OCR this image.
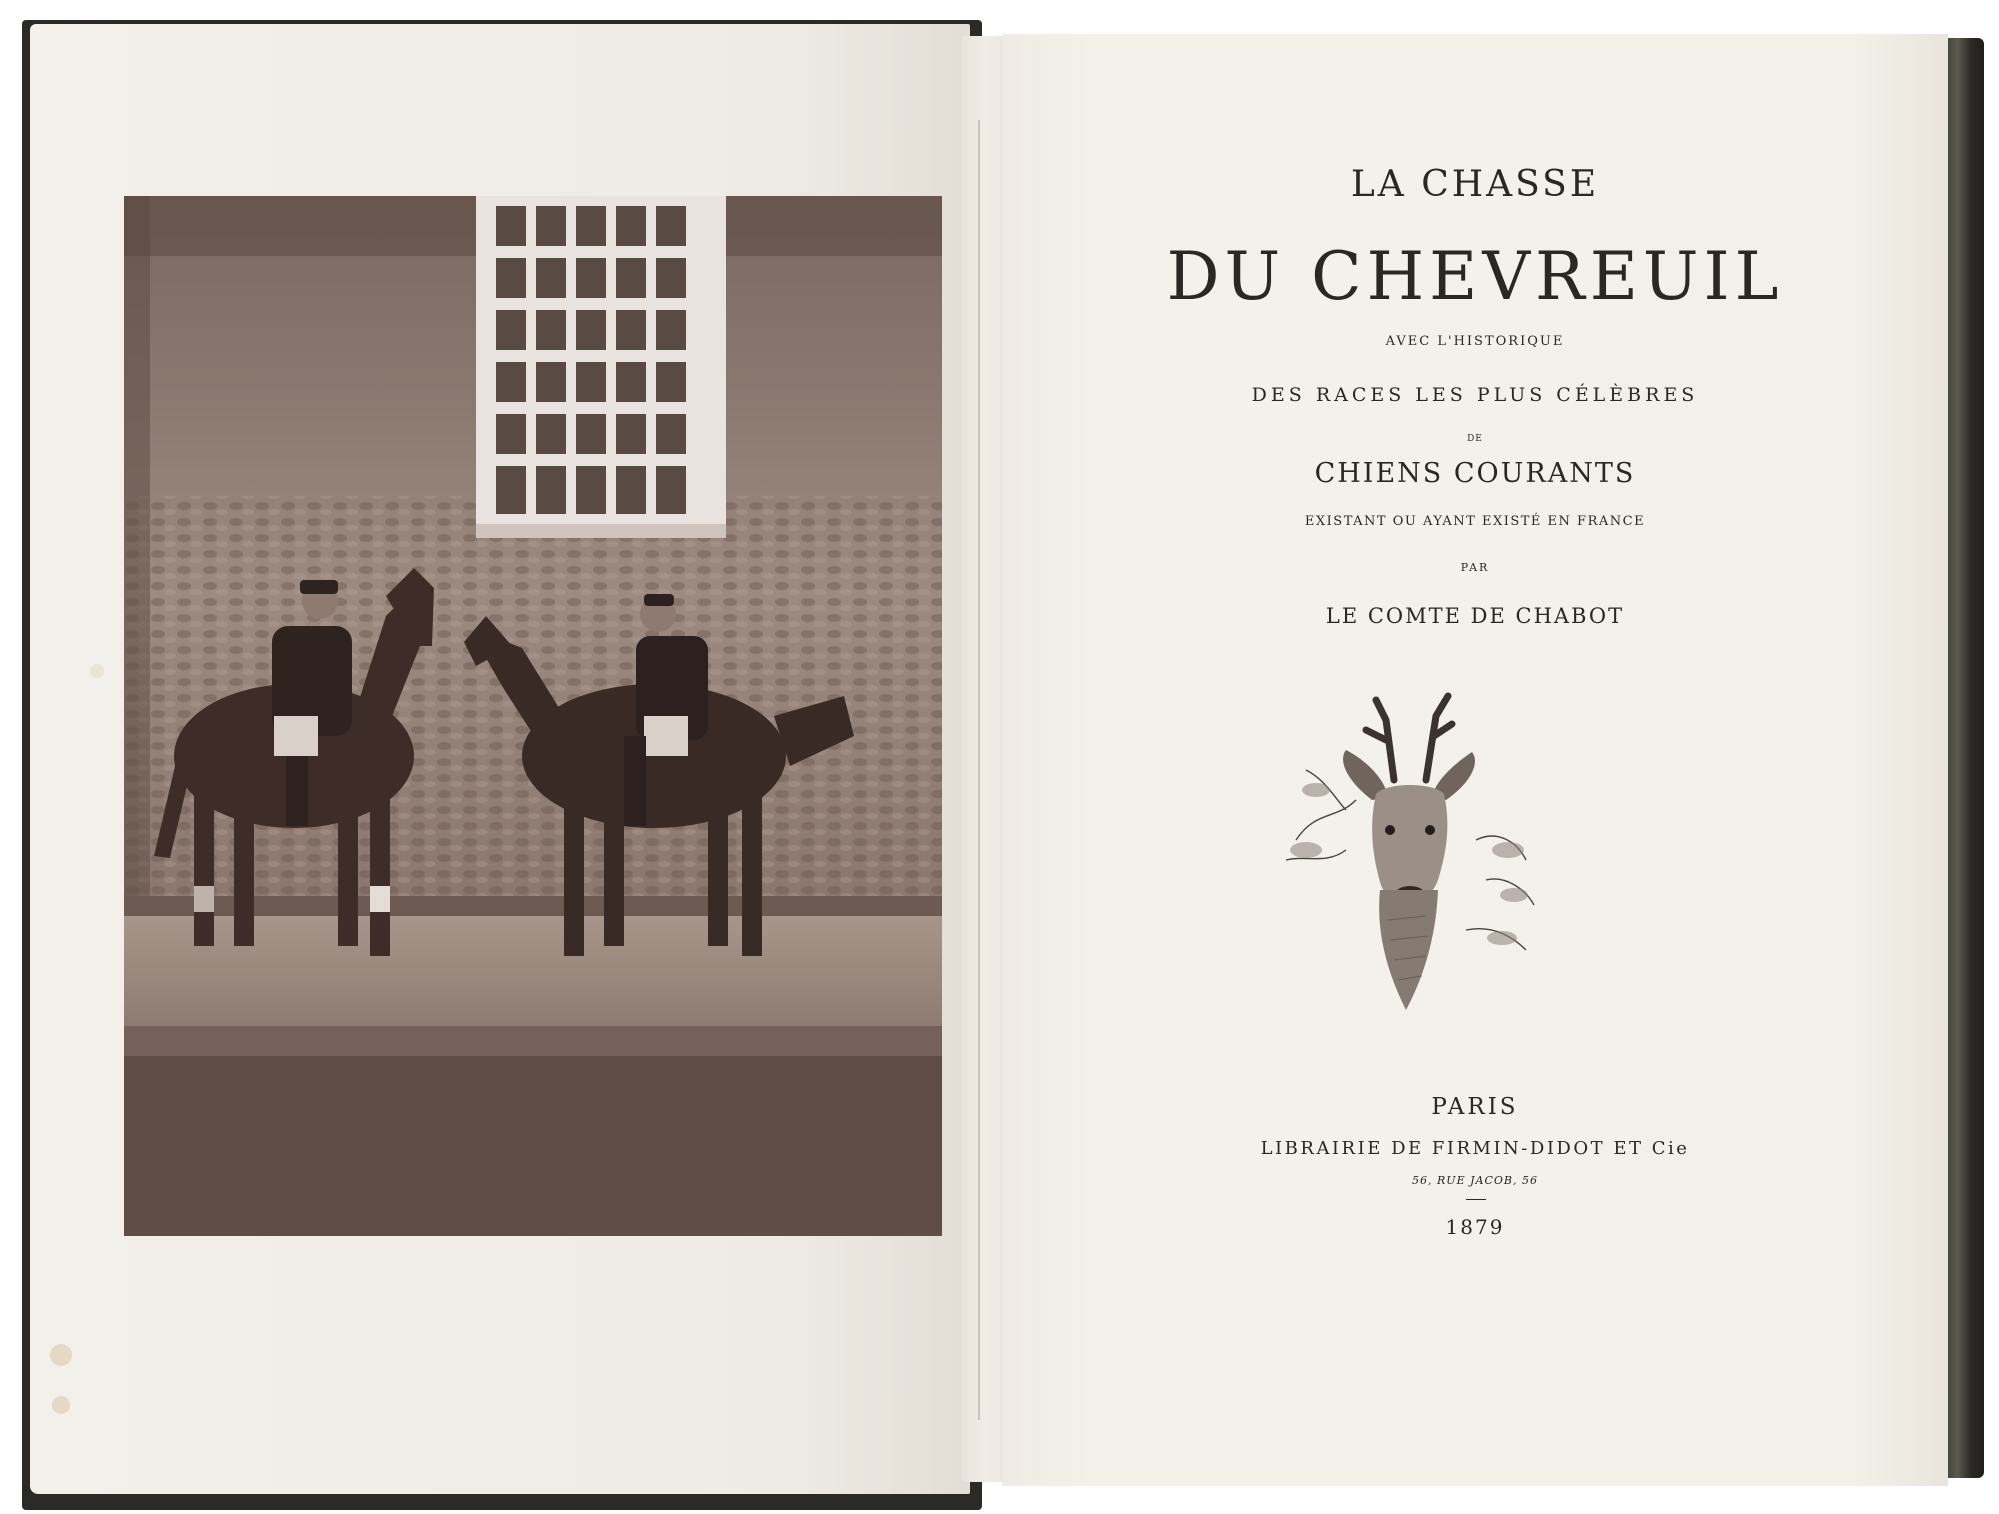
LA CHASSE
DU CHEVREUIL
AVEC L'HISTORIQUE
DES RACES LES PLUS CÉLÈBRES
DE
CHIENS COURANTS
EXISTANT OU AYANT EXISTÉ EN FRANCE
PAR
LE COMTE DE CHABOT
PARIS
LIBRAIRIE DE FIRMIN-DIDOT ET Cie
56, RUE JACOB, 56
1879
